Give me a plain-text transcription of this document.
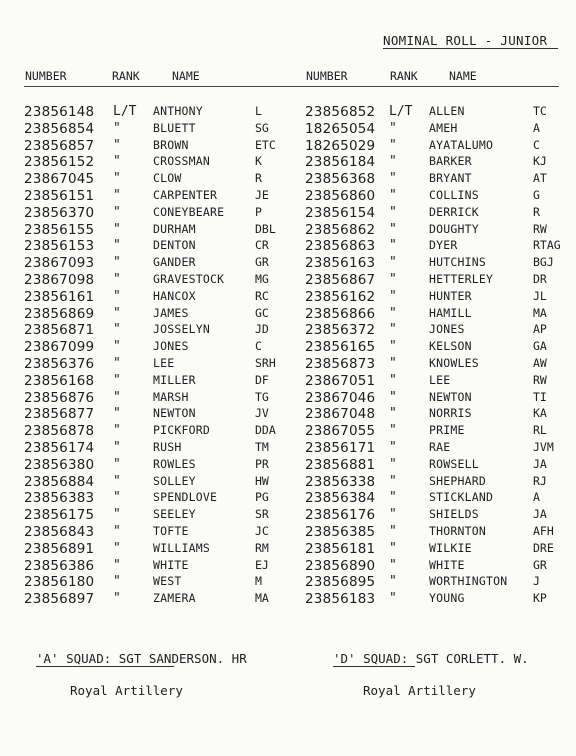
NOMINAL ROLL - JUNIOR
NUMBER	RANK	NAME	NUMBER	RANK	NAME
23856148 L/T ANTHONY	L
23856854 "	BLUETT	SG
23856857 "	BROWN	ETC
23856152 "	CROSSMAN	K
23867045 "	CLOW	R
23856151 "	CARPENTER	JE
23856370 "	CONEYBEARE	P
23856155 "	DURHAM	DBL
23856153 "	DENTON	CR
23867093 "	GANDER	GR
23867098 "	GRAVESTOCK	MG
23856161 "	HANCOX	RC
23856869 "	JAMES	GC
23856871 "	JOSSELYN	JD
23867099 "	JONES	C
23856376 "	LEE	SRH
23856168 "	MILLER	DF
23856876 "	MARSH	TG
23856877 "	NEWTON	JV
23856878 "	PICKFORD	DDA
23856174 "	RUSH	TM
23856380 "	ROWLES	PR
23856884 "	SOLLEY	HW
23856383 "	SPENDLOVE	PG
23856175 "	SEELEY	SR
23856843 "	TOFTE	JC
23856891 "	WILLIAMS	RM
23856386 "	WHITE	EJ
23856180 "	WEST	M
23856897 "	ZAMERA	MA
23856852 L/T ALLEN	TC
18265054 "	AMEH	A
18265029 "	AYATALUMO	C
23856184 "	BARKER	KJ
23856368 "	BRYANT	AT
23856860 "	COLLINS	G
23856154 "	DERRICK	R
23856862 "	DOUGHTY	RW
23856863 "	DYER	RTAG
23856163 "	HUTCHINS	BGJ
23856867 "	HETTERLEY	DR
23856162 "	HUNTER	JL
23856866 "	HAMILL	MA
23856372 "	JONES	AP
23856165 "	KELSON	GA
23856873 "	KNOWLES	AW
23867051 "	LEE	RW
23867046 "	NEWTON	TI
23867048 "	NORRIS	KA
23867055 "	PRIME	RL
23856171 "	RAE	JVM
23856881 "	ROWSELL	JA
23856338 "	SHEPHARD	RJ
23856384 "	STICKLAND	A
23856176 "	SHIELDS	JA
23856385 "	THORNTON	AFH
23856181 "	WILKIE	DRE
23856890 "	WHITE	GR
23856895 "	WORTHINGTON J
23856183 "	YOUNG	KP
'A' SQUAD: SGT SANDERSON. HR	'D' SQUAD: SGT CORLETT. W.
Royal Artillery	Royal Artillery
